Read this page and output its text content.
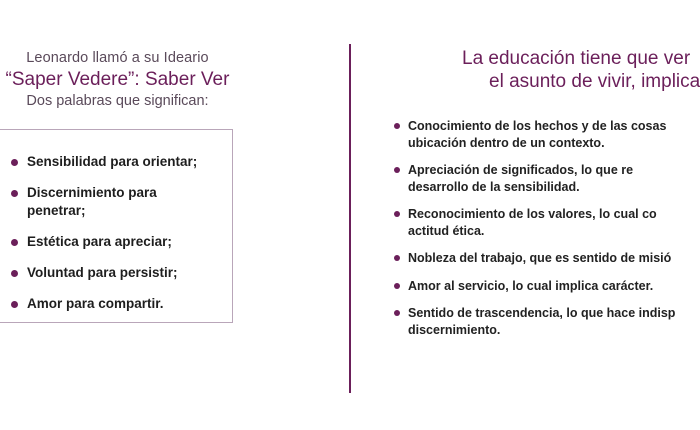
Leonardo llamó a su Ideario
“Saper Vedere”: Saber Ver
Dos palabras que significan:
Sensibilidad para orientar;
Discernimiento para
penetrar;
Estética para apreciar;
Voluntad para persistir;
Amor para compartir.
La educación tiene que ver
el asunto de vivir, implica
Conocimiento de los hechos y de las cosas
ubicación dentro de un contexto.
Apreciación de significados, lo que re
desarrollo de la sensibilidad.
Reconocimiento de los valores, lo cual co
actitud ética.
Nobleza del trabajo, que es sentido de misió
Amor al servicio, lo cual implica carácter.
Sentido de trascendencia, lo que hace indisp
discernimiento.
